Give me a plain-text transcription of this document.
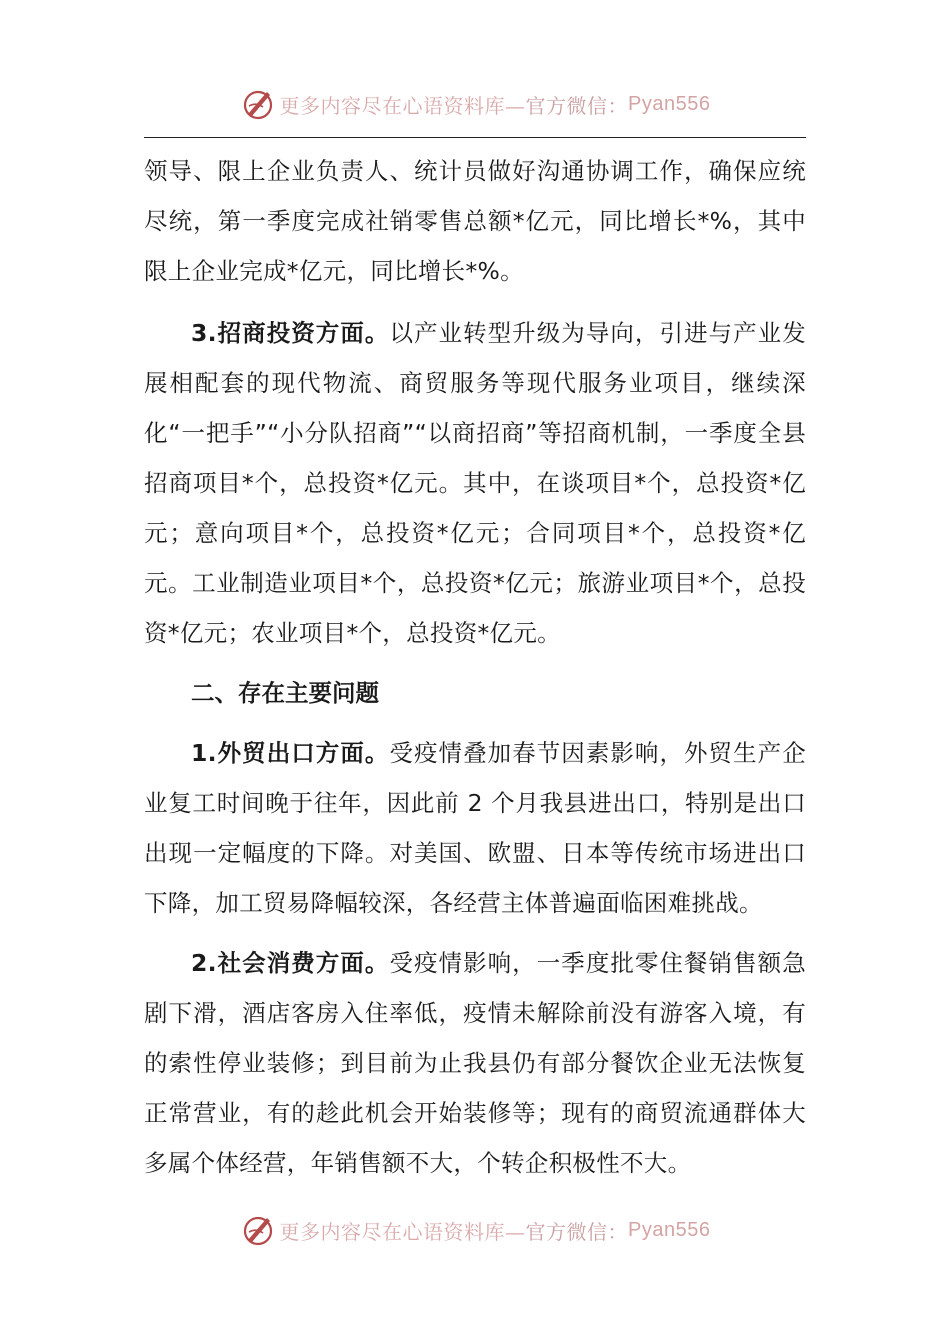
更多内容尽在心语资料库— 官方微信： Pyan556

领导、限上企业负责人、统计员做好沟通协调工作，确保应统尽统，第一季度完成社销零售总额*亿元，同比增长*%，其中限上企业完成*亿元，同比增长*%。

3.招商投资方面。以产业转型升级为导向，引进与产业发展相配套的现代物流、商贸服务等现代服务业项目，继续深化“一把手”“小分队招商”“以商招商”等招商机制，一季度全县招商项目*个，总投资*亿元。其中，在谈项目*个，总投资*亿元；意向项目*个，总投资*亿元；合同项目*个，总投资*亿元。工业制造业项目*个，总投资*亿元；旅游业项目*个，总投资*亿元；农业项目*个，总投资*亿元。

二、存在主要问题

1.外贸出口方面。受疫情叠加春节因素影响，外贸生产企业复工时间晚于往年，因此前 2 个月我县进出口，特别是出口出现一定幅度的下降。对美国、欧盟、日本等传统市场进出口下降，加工贸易降幅较深，各经营主体普遍面临困难挑战。

2.社会消费方面。受疫情影响，一季度批零住餐销售额急剧下滑，酒店客房入住率低，疫情未解除前没有游客入境，有的索性停业装修；到目前为止我县仍有部分餐饮企业无法恢复正常营业，有的趁此机会开始装修等；现有的商贸流通群体大多属个体经营，年销售额不大，个转企积极性不大。

更多内容尽在心语资料库— 官方微信： Pyan556
